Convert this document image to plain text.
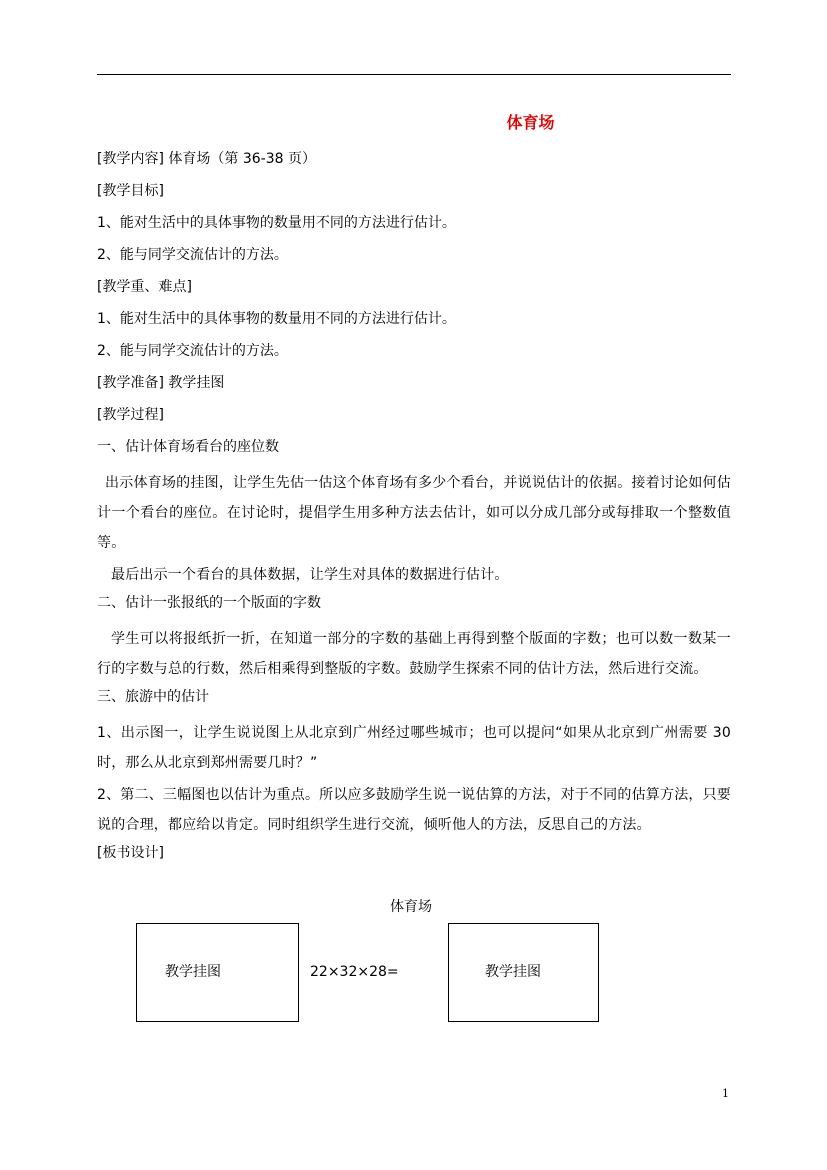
体育场
[教学内容] 体育场（第 36-38 页）
[教学目标]
1、能对生活中的具体事物的数量用不同的方法进行估计。
2、能与同学交流估计的方法。
[教学重、难点]
1、能对生活中的具体事物的数量用不同的方法进行估计。
2、能与同学交流估计的方法。
[教学准备] 教学挂图
[教学过程]
一、估计体育场看台的座位数

出示体育场的挂图，让学生先估一估这个体育场有多少个看台，并说说估计的依据。接着讨论如何估计一个看台的座位。在讨论时，提倡学生用多种方法去估计，如可以分成几部分或每排取一个整数值等。

最后出示一个看台的具体数据，让学生对具体的数据进行估计。

二、估计一张报纸的一个版面的字数

学生可以将报纸折一折，在知道一部分的字数的基础上再得到整个版面的字数；也可以数一数某一行的字数与总的行数，然后相乘得到整版的字数。鼓励学生探索不同的估计方法，然后进行交流。

三、旅游中的估计

1、出示图一，让学生说说图上从北京到广州经过哪些城市；也可以提问“如果从北京到广州需要 30 时，那么从北京到郑州需要几时？”

2、第二、三幅图也以估计为重点。所以应多鼓励学生说一说估算的方法，对于不同的估算方法，只要说的合理，都应给以肯定。同时组织学生进行交流，倾听他人的方法，反思自己的方法。

[板书设计]
体育场
教学挂图	22×32×28=	教学挂图
1
